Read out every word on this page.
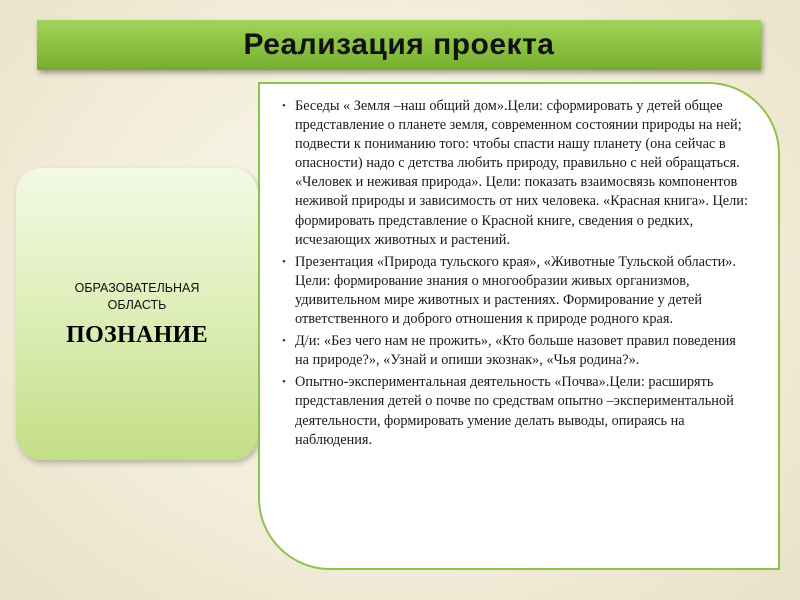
Реализация проекта
ОБРАЗОВАТЕЛЬНАЯ ОБЛАСТЬ
ПОЗНАНИЕ
• Беседы « Земля –наш общий дом».Цели: сформировать у детей общее представление о планете земля, современном состоянии природы на ней; подвести к пониманию того: чтобы спасти нашу планету (она сейчас в опасности) надо с детства любить природу, правильно с ней обращаться. «Человек и неживая природа». Цели: показать взаимосвязь компонентов неживой природы и зависимость от них человека. «Красная книга». Цели: формировать представление о Красной книге, сведения о редких, исчезающих животных и растений.
• Презентация «Природа тульского края», «Животные Тульской области». Цели: формирование знания о многообразии живых организмов, удивительном мире животных и растениях. Формирование у детей ответственного и доброго отношения к природе родного края.
• Д/и: «Без чего нам не прожить», «Кто больше назовет правил поведения на природе?», «Узнай и опиши экознак», «Чья родина?».
• Опытно-экспериментальная деятельность «Почва».Цели: расширять представления детей о почве по средствам опытно –экспериментальной деятельности, формировать умение делать выводы, опираясь на наблюдения.
